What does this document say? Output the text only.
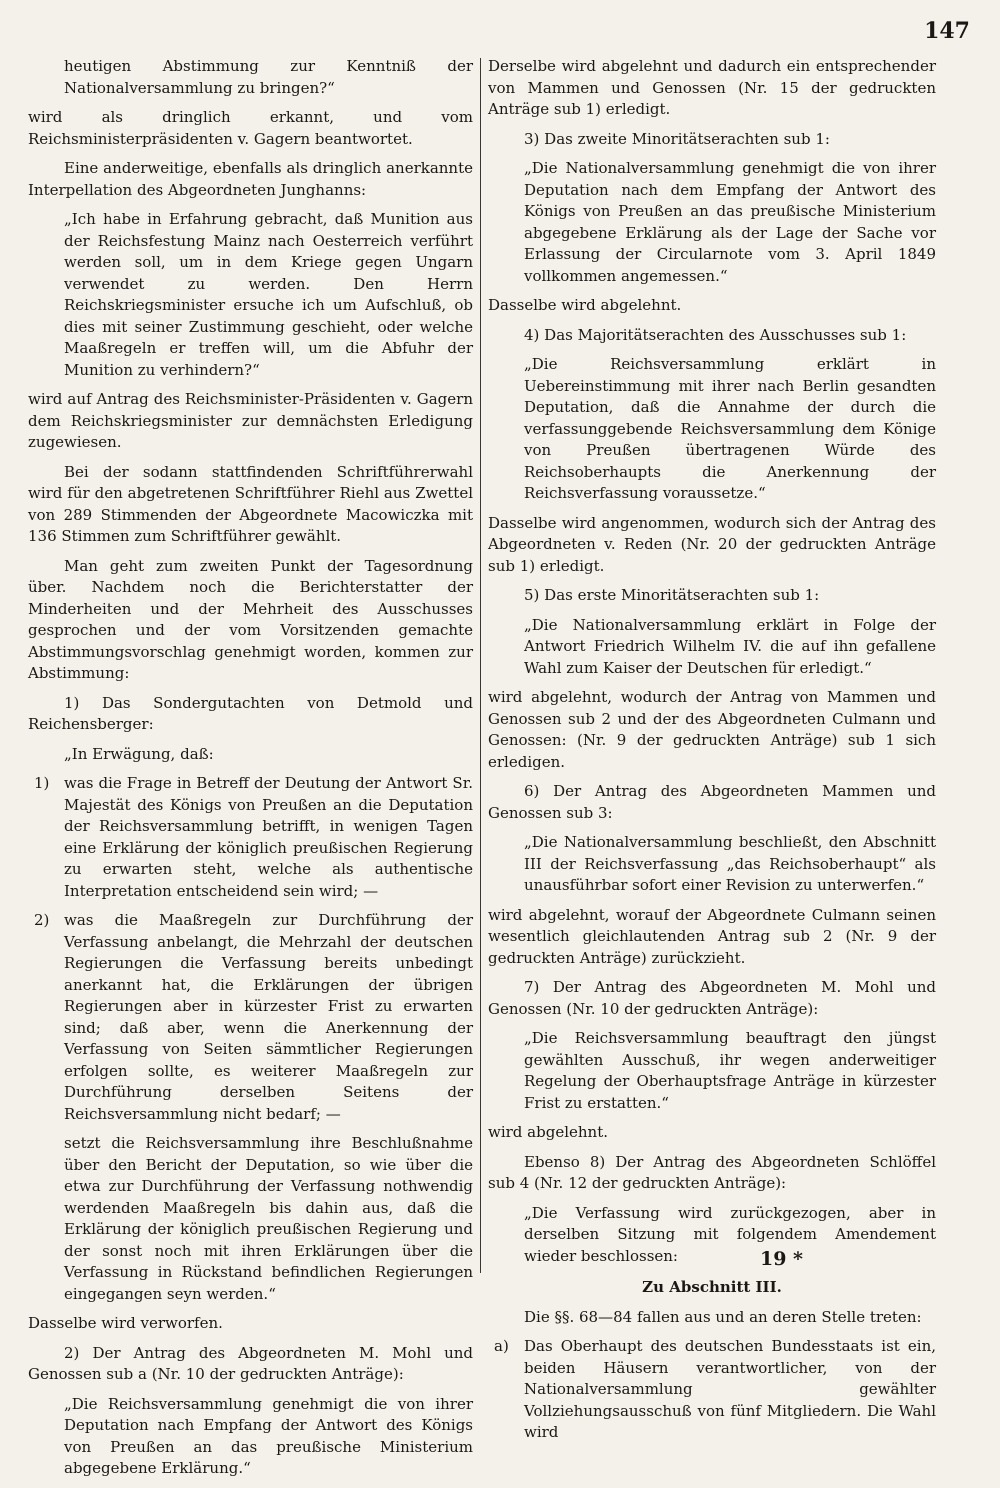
147
heutigen Abstimmung zur Kenntniß der Nationalversammlung zu bringen?“
wird als dringlich erkannt, und vom Reichsministerpräsidenten v. Gagern beantwortet.
Eine anderweitige, ebenfalls als dringlich anerkannte Interpellation des Abgeordneten Junghanns:
„Ich habe in Erfahrung gebracht, daß Munition aus der Reichsfestung Mainz nach Oesterreich verführt werden soll, um in dem Kriege gegen Ungarn verwendet zu werden. Den Herrn Reichskriegsminister ersuche ich um Aufschluß, ob dies mit seiner Zustimmung geschieht, oder welche Maaßregeln er treffen will, um die Abfuhr der Munition zu verhindern?“
wird auf Antrag des Reichsminister-Präsidenten v. Gagern dem Reichskriegsminister zur demnächsten Erledigung zugewiesen.
Bei der sodann stattfindenden Schriftführerwahl wird für den abgetretenen Schriftführer Riehl aus Zwettel von 289 Stimmenden der Abgeordnete Macowiczka mit 136 Stimmen zum Schriftführer gewählt.
Man geht zum zweiten Punkt der Tagesordnung über. Nachdem noch die Berichterstatter der Minderheiten und der Mehrheit des Ausschusses gesprochen und der vom Vorsitzenden gemachte Abstimmungsvorschlag genehmigt worden, kommen zur Abstimmung:
1) Das Sondergutachten von Detmold und Reichensberger:
„In Erwägung, daß:
1) was die Frage in Betreff der Deutung der Antwort Sr. Majestät des Königs von Preußen an die Deputation der Reichsversammlung betrifft, in wenigen Tagen eine Erklärung der königlich preußischen Regierung zu erwarten steht, welche als authentische Interpretation entscheidend sein wird; —
2) was die Maaßregeln zur Durchführung der Verfassung anbelangt, die Mehrzahl der deutschen Regierungen die Verfassung bereits unbedingt anerkannt hat, die Erklärungen der übrigen Regierungen aber in kürzester Frist zu erwarten sind; daß aber, wenn die Anerkennung der Verfassung von Seiten sämmtlicher Regierungen erfolgen sollte, es weiterer Maaßregeln zur Durchführung derselben Seitens der Reichsversammlung nicht bedarf; —
setzt die Reichsversammlung ihre Beschlußnahme über den Bericht der Deputation, so wie über die etwa zur Durchführung der Verfassung nothwendig werdenden Maaßregeln bis dahin aus, daß die Erklärung der königlich preußischen Regierung und der sonst noch mit ihren Erklärungen über die Verfassung in Rückstand befindlichen Regierungen eingegangen seyn werden.“
Dasselbe wird verworfen.
2) Der Antrag des Abgeordneten M. Mohl und Genossen sub a (Nr. 10 der gedruckten Anträge):
„Die Reichsversammlung genehmigt die von ihrer Deputation nach Empfang der Antwort des Königs von Preußen an das preußische Ministerium abgegebene Erklärung.“
Derselbe wird abgelehnt und dadurch ein entsprechender von Mammen und Genossen (Nr. 15 der gedruckten Anträge sub 1) erledigt.
3) Das zweite Minoritätserachten sub 1:
„Die Nationalversammlung genehmigt die von ihrer Deputation nach dem Empfang der Antwort des Königs von Preußen an das preußische Ministerium abgegebene Erklärung als der Lage der Sache vor Erlassung der Circularnote vom 3. April 1849 vollkommen angemessen.“
Dasselbe wird abgelehnt.
4) Das Majoritätserachten des Ausschusses sub 1:
„Die Reichsversammlung erklärt in Uebereinstimmung mit ihrer nach Berlin gesandten Deputation, daß die Annahme der durch die verfassunggebende Reichsversammlung dem Könige von Preußen übertragenen Würde des Reichsoberhaupts die Anerkennung der Reichsverfassung voraussetze.“
Dasselbe wird angenommen, wodurch sich der Antrag des Abgeordneten v. Reden (Nr. 20 der gedruckten Anträge sub 1) erledigt.
5) Das erste Minoritätserachten sub 1:
„Die Nationalversammlung erklärt in Folge der Antwort Friedrich Wilhelm IV. die auf ihn gefallene Wahl zum Kaiser der Deutschen für erledigt.“
wird abgelehnt, wodurch der Antrag von Mammen und Genossen sub 2 und der des Abgeordneten Culmann und Genossen: (Nr. 9 der gedruckten Anträge) sub 1 sich erledigen.
6) Der Antrag des Abgeordneten Mammen und Genossen sub 3:
„Die Nationalversammlung beschließt, den Abschnitt III der Reichsverfassung „das Reichsoberhaupt“ als unausführbar sofort einer Revision zu unterwerfen.“
wird abgelehnt, worauf der Abgeordnete Culmann seinen wesentlich gleichlautenden Antrag sub 2 (Nr. 9 der gedruckten Anträge) zurückzieht.
7) Der Antrag des Abgeordneten M. Mohl und Genossen (Nr. 10 der gedruckten Anträge):
„Die Reichsversammlung beauftragt den jüngst gewählten Ausschuß, ihr wegen anderweitiger Regelung der Oberhauptsfrage Anträge in kürzester Frist zu erstatten.“
wird abgelehnt.
Ebenso 8) Der Antrag des Abgeordneten Schlöffel sub 4 (Nr. 12 der gedruckten Anträge):
„Die Verfassung wird zurückgezogen, aber in derselben Sitzung mit folgendem Amendement wieder beschlossen:
Zu Abschnitt III.
Die §§. 68—84 fallen aus und an deren Stelle treten:
a) Das Oberhaupt des deutschen Bundesstaats ist ein, beiden Häusern verantwortlicher, von der Nationalversammlung gewählter Vollziehungsausschuß von fünf Mitgliedern. Die Wahl wird
19 *
